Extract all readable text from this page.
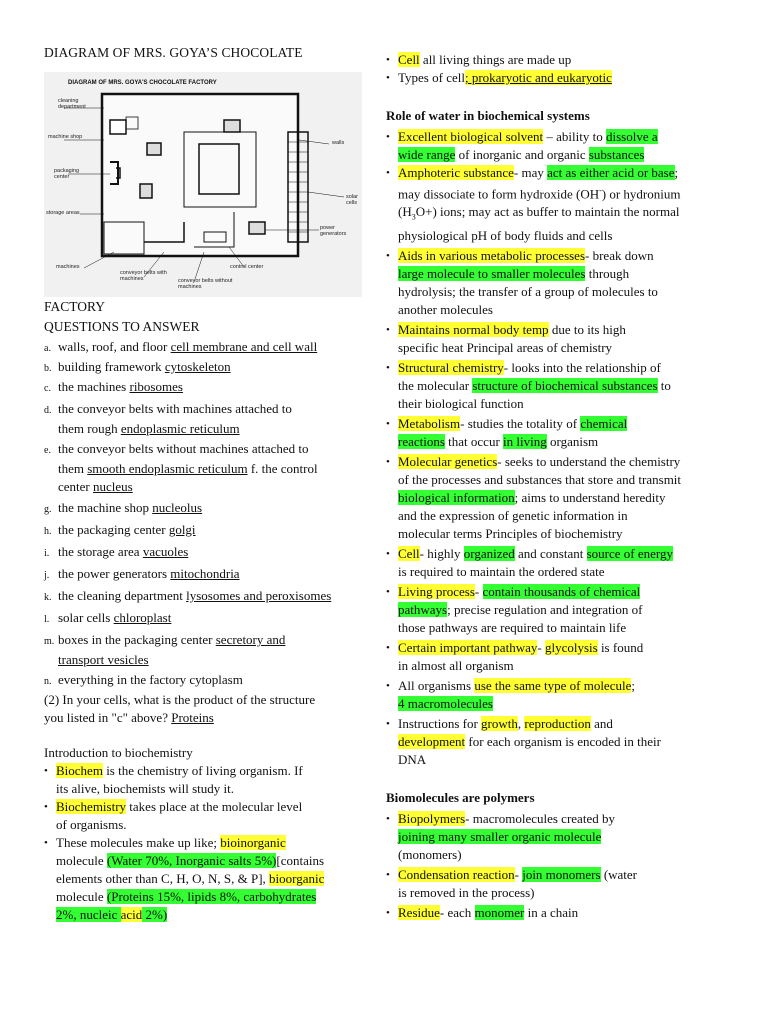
DIAGRAM OF MRS. GOYA’S CHOCOLATE
DIAGRAM OF MRS. GOYA'S CHOCOLATE FACTORY
cleaning department
machine shop
packaging center
storage areas
machines
conveyor belts with machines	conveyor belts without machines
control center
power generators
solar cells
walls
FACTORY
QUESTIONS TO ANSWER
a. walls, roof, and floor cell membrane and cell wall
b. building framework cytoskeleton
c. the machines ribosomes
d. the conveyor belts with machines attached to
them rough endoplasmic reticulum
e. the conveyor belts without machines attached to
them smooth endoplasmic reticulum f. the control
center nucleus
g. the machine shop nucleolus
h. the packaging center golgi
i. the storage area vacuoles
j. the power generators mitochondria
k. the cleaning department lysosomes and peroxisomes
l. solar cells chloroplast
m. boxes in the packaging center secretory and
transport vesicles
n. everything in the factory cytoplasm
(2) In your cells, what is the product of the structure
you listed in "c" above? Proteins
Introduction to biochemistry
• Biochem is the chemistry of living organism. If
its alive, biochemists will study it.
• Biochemistry takes place at the molecular level
of organisms.
• These molecules make up like; bioinorganic
molecule (Water 70%, Inorganic salts 5%)[contains
elements other than C, H, O, N, S, & P], bioorganic
molecule (Proteins 15%, lipids 8%, carbohydrates
2%, nucleic acid 2%)
• Cell all living things are made up
• Types of cell; prokaryotic and eukaryotic
Role of water in biochemical systems
• Excellent biological solvent – ability to dissolve a
wide range of inorganic and organic substances
• Amphoteric substance- may act as either acid or base;
may dissociate to form hydroxide (OH-) or hydronium
$(H_3O+)$ ions; may act as buffer to maintain the normal
physiological pH of body fluids and cells
• Aids in various metabolic processes- break down
large molecule to smaller molecules through
hydrolysis; the transfer of a group of molecules to
another molecules
• Maintains normal body temp due to its high
specific heat Principal areas of chemistry
• Structural chemistry- looks into the relationship of
the molecular structure of biochemical substances to
their biological function
• Metabolism- studies the totality of chemical
reactions that occur in living organism
• Molecular genetics- seeks to understand the chemistry
of the processes and substances that store and transmit
biological information; aims to understand heredity
and the expression of genetic information in
molecular terms Principles of biochemistry
• Cell- highly organized and constant source of energy
is required to maintain the ordered state
• Living process- contain thousands of chemical
pathways; precise regulation and integration of
those pathways are required to maintain life
• Certain important pathway- glycolysis is found
in almost all organism
• All organisms use the same type of molecule;
4 macromolecules
• Instructions for growth, reproduction and
development for each organism is encoded in their
DNA
Biomolecules are polymers
• Biopolymers- macromolecules created by
joining many smaller organic molecule
(monomers)
• Condensation reaction- join monomers (water
is removed in the process)
• Residue- each monomer in a chain
